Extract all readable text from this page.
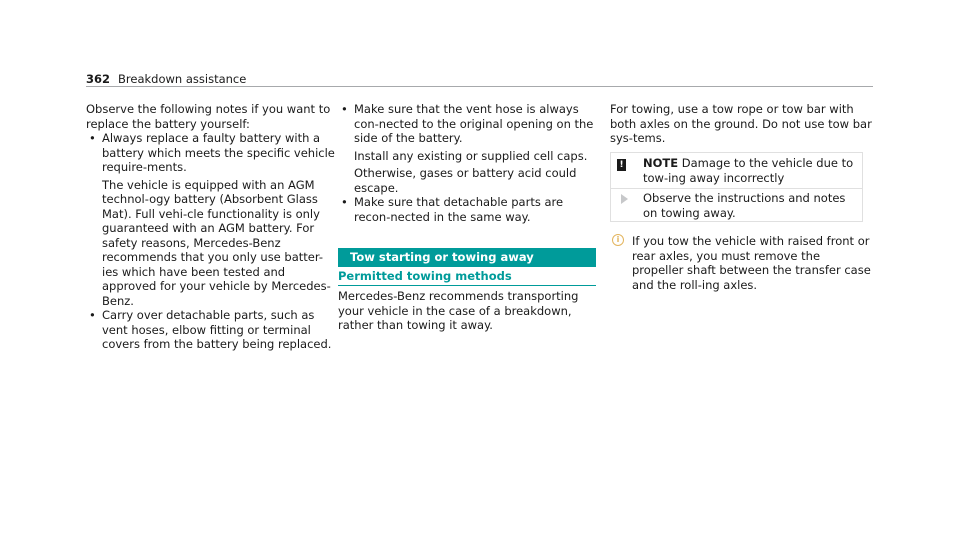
362 Breakdown assistance

Observe the following notes if you want to replace the battery yourself:

• Always replace a faulty battery with a battery which meets the specific vehicle require-ments.
The vehicle is equipped with an AGM technol-ogy battery (Absorbent Glass Mat). Full vehi-cle functionality is only guaranteed with an AGM battery. For safety reasons, Mercedes-Benz recommends that you only use batter-ies which have been tested and approved for your vehicle by Mercedes-Benz.
• Carry over detachable parts, such as vent hoses, elbow fitting or terminal covers from the battery being replaced.
• Make sure that the vent hose is always con-nected to the original opening on the side of the battery.
Install any existing or supplied cell caps.
Otherwise, gases or battery acid could escape.
• Make sure that detachable parts are recon-nected in the same way.
Tow starting or towing away
Permitted towing methods
Mercedes-Benz recommends transporting your vehicle in the case of a breakdown, rather than towing it away.

For towing, use a tow rope or tow bar with both axles on the ground. Do not use tow bar sys-tems.

! NOTE Damage to the vehicle due to tow-ing away incorrectly
Observe the instructions and notes on towing away.
i	If you tow the vehicle with raised front or rear axles, you must remove the propeller shaft between the transfer case and the roll-ing axles.
